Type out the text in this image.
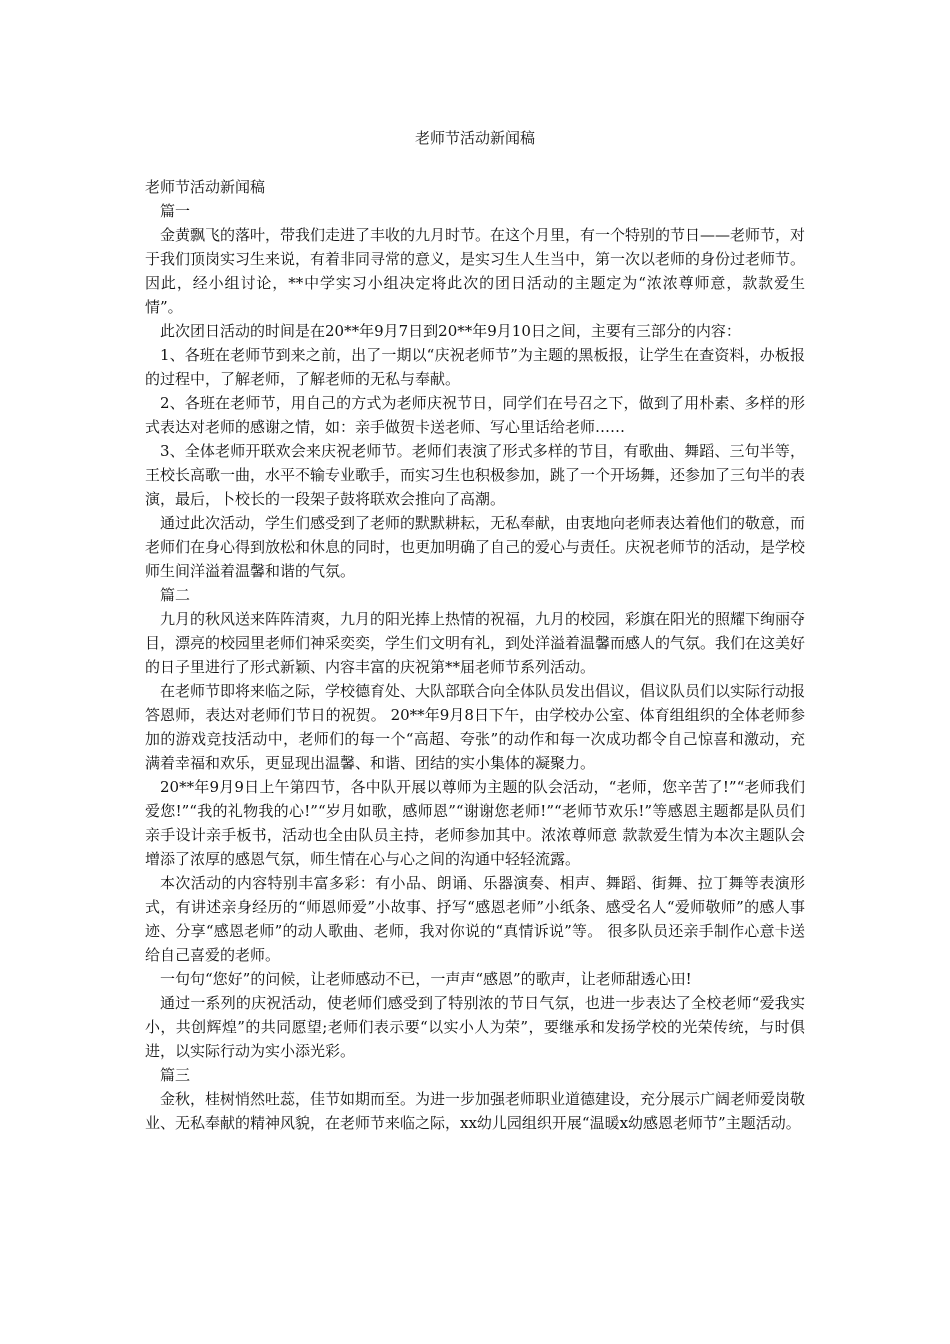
老师节活动新闻稿

老师节活动新闻稿

篇一

金黄飘飞的落叶，带我们走进了丰收的九月时节。在这个月里，有一个特别的节日——老师节，对于我们顶岗实习生来说，有着非同寻常的意义，是实习生人生当中，第一次以老师的身份过老师节。因此，经小组讨论，**中学实习小组决定将此次的团日活动的主题定为“浓浓尊师意，款款爱生情”。

此次团日活动的时间是在20**年9月7日到20**年9月10日之间，主要有三部分的内容：

1、各班在老师节到来之前，出了一期以“庆祝老师节”为主题的黑板报，让学生在查资料，办板报的过程中，了解老师，了解老师的无私与奉献。

2、各班在老师节，用自己的方式为老师庆祝节日，同学们在号召之下，做到了用朴素、多样的形式表达对老师的感谢之情，如：亲手做贺卡送老师、写心里话给老师……

3、全体老师开联欢会来庆祝老师节。老师们表演了形式多样的节目，有歌曲、舞蹈、三句半等，王校长高歌一曲，水平不输专业歌手，而实习生也积极参加，跳了一个开场舞，还参加了三句半的表演，最后，卜校长的一段架子鼓将联欢会推向了高潮。

通过此次活动，学生们感受到了老师的默默耕耘，无私奉献，由衷地向老师表达着他们的敬意，而老师们在身心得到放松和休息的同时，也更加明确了自己的爱心与责任。庆祝老师节的活动，是学校师生间洋溢着温馨和谐的气氛。

篇二

九月的秋风送来阵阵清爽，九月的阳光捧上热情的祝福，九月的校园，彩旗在阳光的照耀下绚丽夺目，漂亮的校园里老师们神采奕奕，学生们文明有礼，到处洋溢着温馨而感人的气氛。我们在这美好的日子里进行了形式新颖、内容丰富的庆祝第**届老师节系列活动。

在老师节即将来临之际，学校德育处、大队部联合向全体队员发出倡议，倡议队员们以实际行动报答恩师，表达对老师们节日的祝贺。 20**年9月8日下午，由学校办公室、体育组组织的全体老师参加的游戏竞技活动中，老师们的每一个“高超、夸张”的动作和每一次成功都令自己惊喜和激动，充满着幸福和欢乐，更显现出温馨、和谐、团结的实小集体的凝聚力。

20**年9月9日上午第四节，各中队开展以尊师为主题的队会活动，“老师，您辛苦了!”“老师我们爱您!”“我的礼物我的心!”“岁月如歌，感师恩”“谢谢您老师!”“老师节欢乐!”等感恩主题都是队员们亲手设计亲手板书，活动也全由队员主持，老师参加其中。浓浓尊师意 款款爱生情为本次主题队会增添了浓厚的感恩气氛，师生情在心与心之间的沟通中轻轻流露。

本次活动的内容特别丰富多彩：有小品、朗诵、乐器演奏、相声、舞蹈、街舞、拉丁舞等表演形式，有讲述亲身经历的“师恩师爱”小故事、抒写“感恩老师”小纸条、感受名人“爱师敬师”的感人事迹、分享“感恩老师”的动人歌曲、老师，我对你说的“真情诉说”等。 很多队员还亲手制作心意卡送给自己喜爱的老师。

一句句“您好”的问候，让老师感动不已，一声声“感恩”的歌声，让老师甜透心田!

通过一系列的庆祝活动，使老师们感受到了特别浓的节日气氛，也进一步表达了全校老师“爱我实小，共创辉煌”的共同愿望;老师们表示要“以实小人为荣”，要继承和发扬学校的光荣传统，与时俱进，以实际行动为实小添光彩。

篇三

金秋，桂树悄然吐蕊，佳节如期而至。为进一步加强老师职业道德建设，充分展示广阔老师爱岗敬业、无私奉献的精神风貌，在老师节来临之际，xx幼儿园组织开展“温暖x幼感恩老师节”主题活动。
